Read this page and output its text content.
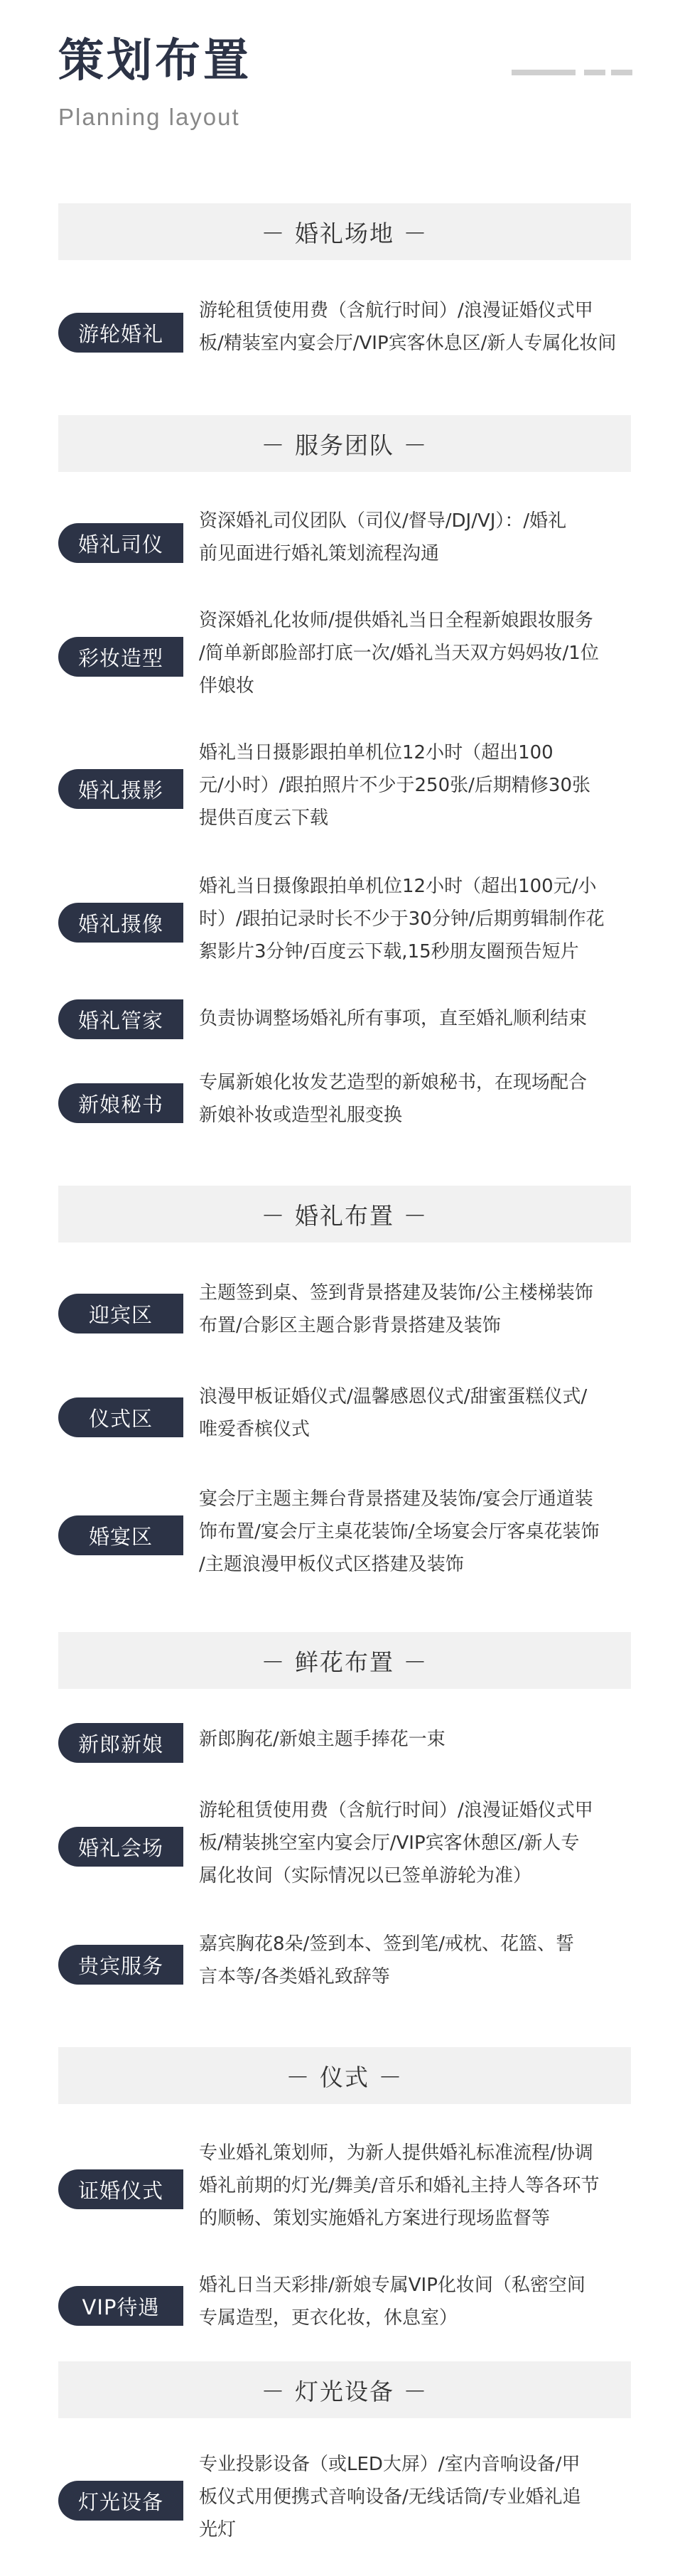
策划布置
Planning layout
－ 婚礼场地 －
游轮婚礼
游轮租赁使用费（含航行时间）/浪漫证婚仪式甲
板/精装室内宴会厅/VIP宾客休息区/新人专属化妆间
－ 服务团队 －
婚礼司仪
资深婚礼司仪团队（司仪/督导/DJ/VJ）：/婚礼
前见面进行婚礼策划流程沟通
彩妆造型
资深婚礼化妆师/提供婚礼当日全程新娘跟妆服务
/简单新郎脸部打底一次/婚礼当天双方妈妈妆/1位
伴娘妆
婚礼摄影
婚礼当日摄影跟拍单机位12小时（超出100
元/小时）/跟拍照片不少于250张/后期精修30张
提供百度云下载
婚礼摄像
婚礼当日摄像跟拍单机位12小时（超出100元/小
时）/跟拍记录时长不少于30分钟/后期剪辑制作花
絮影片3分钟/百度云下载,15秒朋友圈预告短片
婚礼管家	负责协调整场婚礼所有事项，直至婚礼顺利结束
新娘秘书
专属新娘化妆发艺造型的新娘秘书，在现场配合
新娘补妆或造型礼服变换
－ 婚礼布置 －
迎宾区
主题签到桌、签到背景搭建及装饰/公主楼梯装饰
布置/合影区主题合影背景搭建及装饰
仪式区
浪漫甲板证婚仪式/温馨感恩仪式/甜蜜蛋糕仪式/
唯爱香槟仪式
婚宴区
宴会厅主题主舞台背景搭建及装饰/宴会厅通道装
饰布置/宴会厅主桌花装饰/全场宴会厅客桌花装饰
/主题浪漫甲板仪式区搭建及装饰
－ 鲜花布置 －
新郎新娘	新郎胸花/新娘主题手捧花一束
婚礼会场
游轮租赁使用费（含航行时间）/浪漫证婚仪式甲
板/精装挑空室内宴会厅/VIP宾客休憩区/新人专
属化妆间（实际情况以已签单游轮为准）
贵宾服务
嘉宾胸花8朵/签到本、签到笔/戒枕、花篮、誓
言本等/各类婚礼致辞等
－ 仪式 －
证婚仪式
专业婚礼策划师，为新人提供婚礼标准流程/协调
婚礼前期的灯光/舞美/音乐和婚礼主持人等各环节
的顺畅、策划实施婚礼方案进行现场监督等
VIP待遇
婚礼日当天彩排/新娘专属VIP化妆间（私密空间
专属造型，更衣化妆，休息室）
－ 灯光设备 －
灯光设备
专业投影设备（或LED大屏）/室内音响设备/甲
板仪式用便携式音响设备/无线话筒/专业婚礼追
光灯
